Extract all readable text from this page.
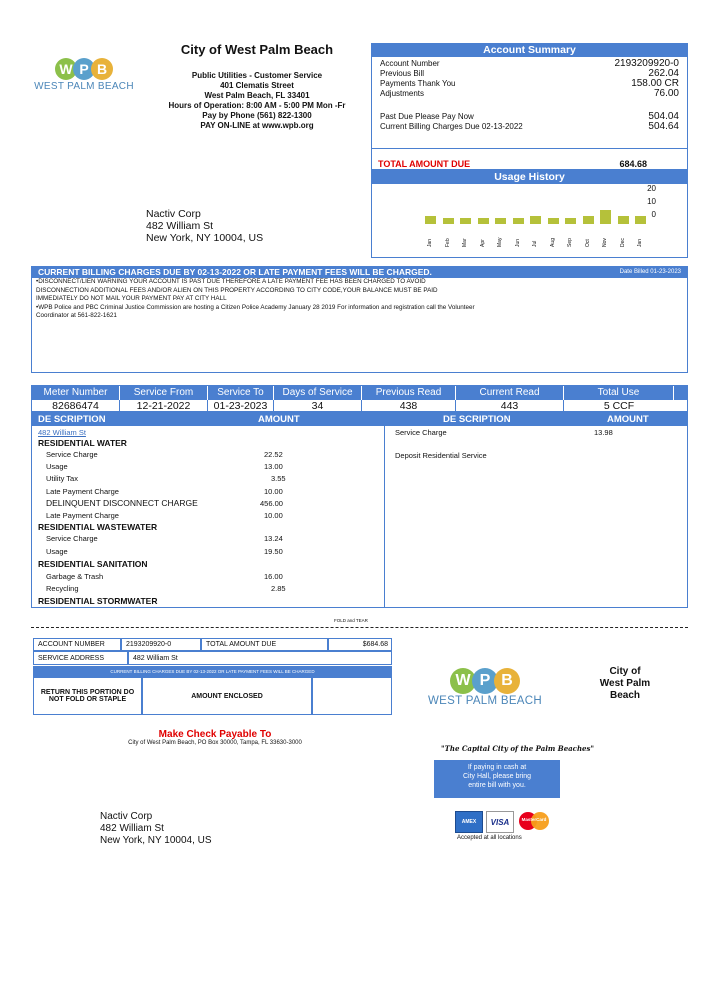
W P B
WEST PALM BEACH
City of West Palm Beach
Public Utilities - Customer Service
401 Clematis Street
West Palm Beach, FL 33401
Hours of Operation: 8:00 AM - 5:00 PM Mon -Fr
Pay by Phone (561) 822-1300
PAY ON-LINE at www.wpb.org
Nactiv Corp
482 William St
New York, NY 10004, US
Account Summary
Account Number	2193209920-0
Previous Bill	262.04
Payments Thank You	158.00 CR
Adjustments	76.00
Past Due Please Pay Now	504.04
Current Billing Charges Due 02-13-2022	504.64
TOTAL AMOUNT DUE	684.68
Usage History
20
10
0
Jan Feb Mar Apr May Jun Jul Aug Sep Oct Nov Dec Jan
CURRENT BILLING CHARGES DUE BY 02-13-2022 OR LATE PAYMENT FEES WILL BE CHARGED.	Date Billed 01-23-2023
•DISCONNECT/LIEN WARNING YOUR ACCOUNT IS PAST DUE THEREFORE A LATE PAYMENT FEE HAS BEEN CHARGED TO AVOID
DISCONNECTION ADDITIONAL FEES AND/OR ALIEN ON THIS PROPERTY ACCORDING TO CITY CODE,YOUR BALANCE MUST BE PAID
IMMEDIATELY DO NOT MAIL YOUR PAYMENT PAY AT CITY HALL
•WPB Police and PBC Criminal Justice Commission are hosting a Citizen Police Academy January 28 2019 For information and registration call the Volunteer
Coordinator at 561-822-1621
Meter Number	Service From	Service To	Days of Service	Previous Read	Current Read	Total Use
82686474	12-21-2022	01-23-2023	34	438	443	5 CCF
DE SCRIPTION	AMOUNT	DE SCRIPTION	AMOUNT
482 William St
RESIDENTIAL WATER
Service Charge	22.52
Usage	13.00
Utility Tax	3.55
Late Payment Charge	10.00
DELINQUENT DISCONNECT CHARGE	456.00
Late Payment Charge	10.00
RESIDENTIAL WASTEWATER
Service Charge	13.24
Usage	19.50
RESIDENTIAL SANITATION
Garbage & Trash	16.00
Recycling	2.85
RESIDENTIAL STORMWATER
Service Charge	13.98
Deposit Residential Service
FOLD and TEAR
ACCOUNT NUMBER	2193209920-0	TOTAL AMOUNT DUE	$684.68
SERVICE ADDRESS	482 William St
CURRENT BILLING CHARGES DUE BY 02-13-2022 OR LATE PAYMENT FEES WILL BE CHARGED
RETURN THIS PORTION DO NOT FOLD OR STAPLE	AMOUNT ENCLOSED
W P B
WEST PALM BEACH
City of
West Palm
Beach
Make Check Payable To
City of West Palm Beach, PO Box 30000, Tampa, FL 33630-3000
"The Capital City of the Palm Beaches"
If paying in cash at
City Hall, please bring
entire bill with you.
AMEX VISA	MasterCard
Accepted at all locations
Nactiv Corp
482 William St
New York, NY 10004, US
